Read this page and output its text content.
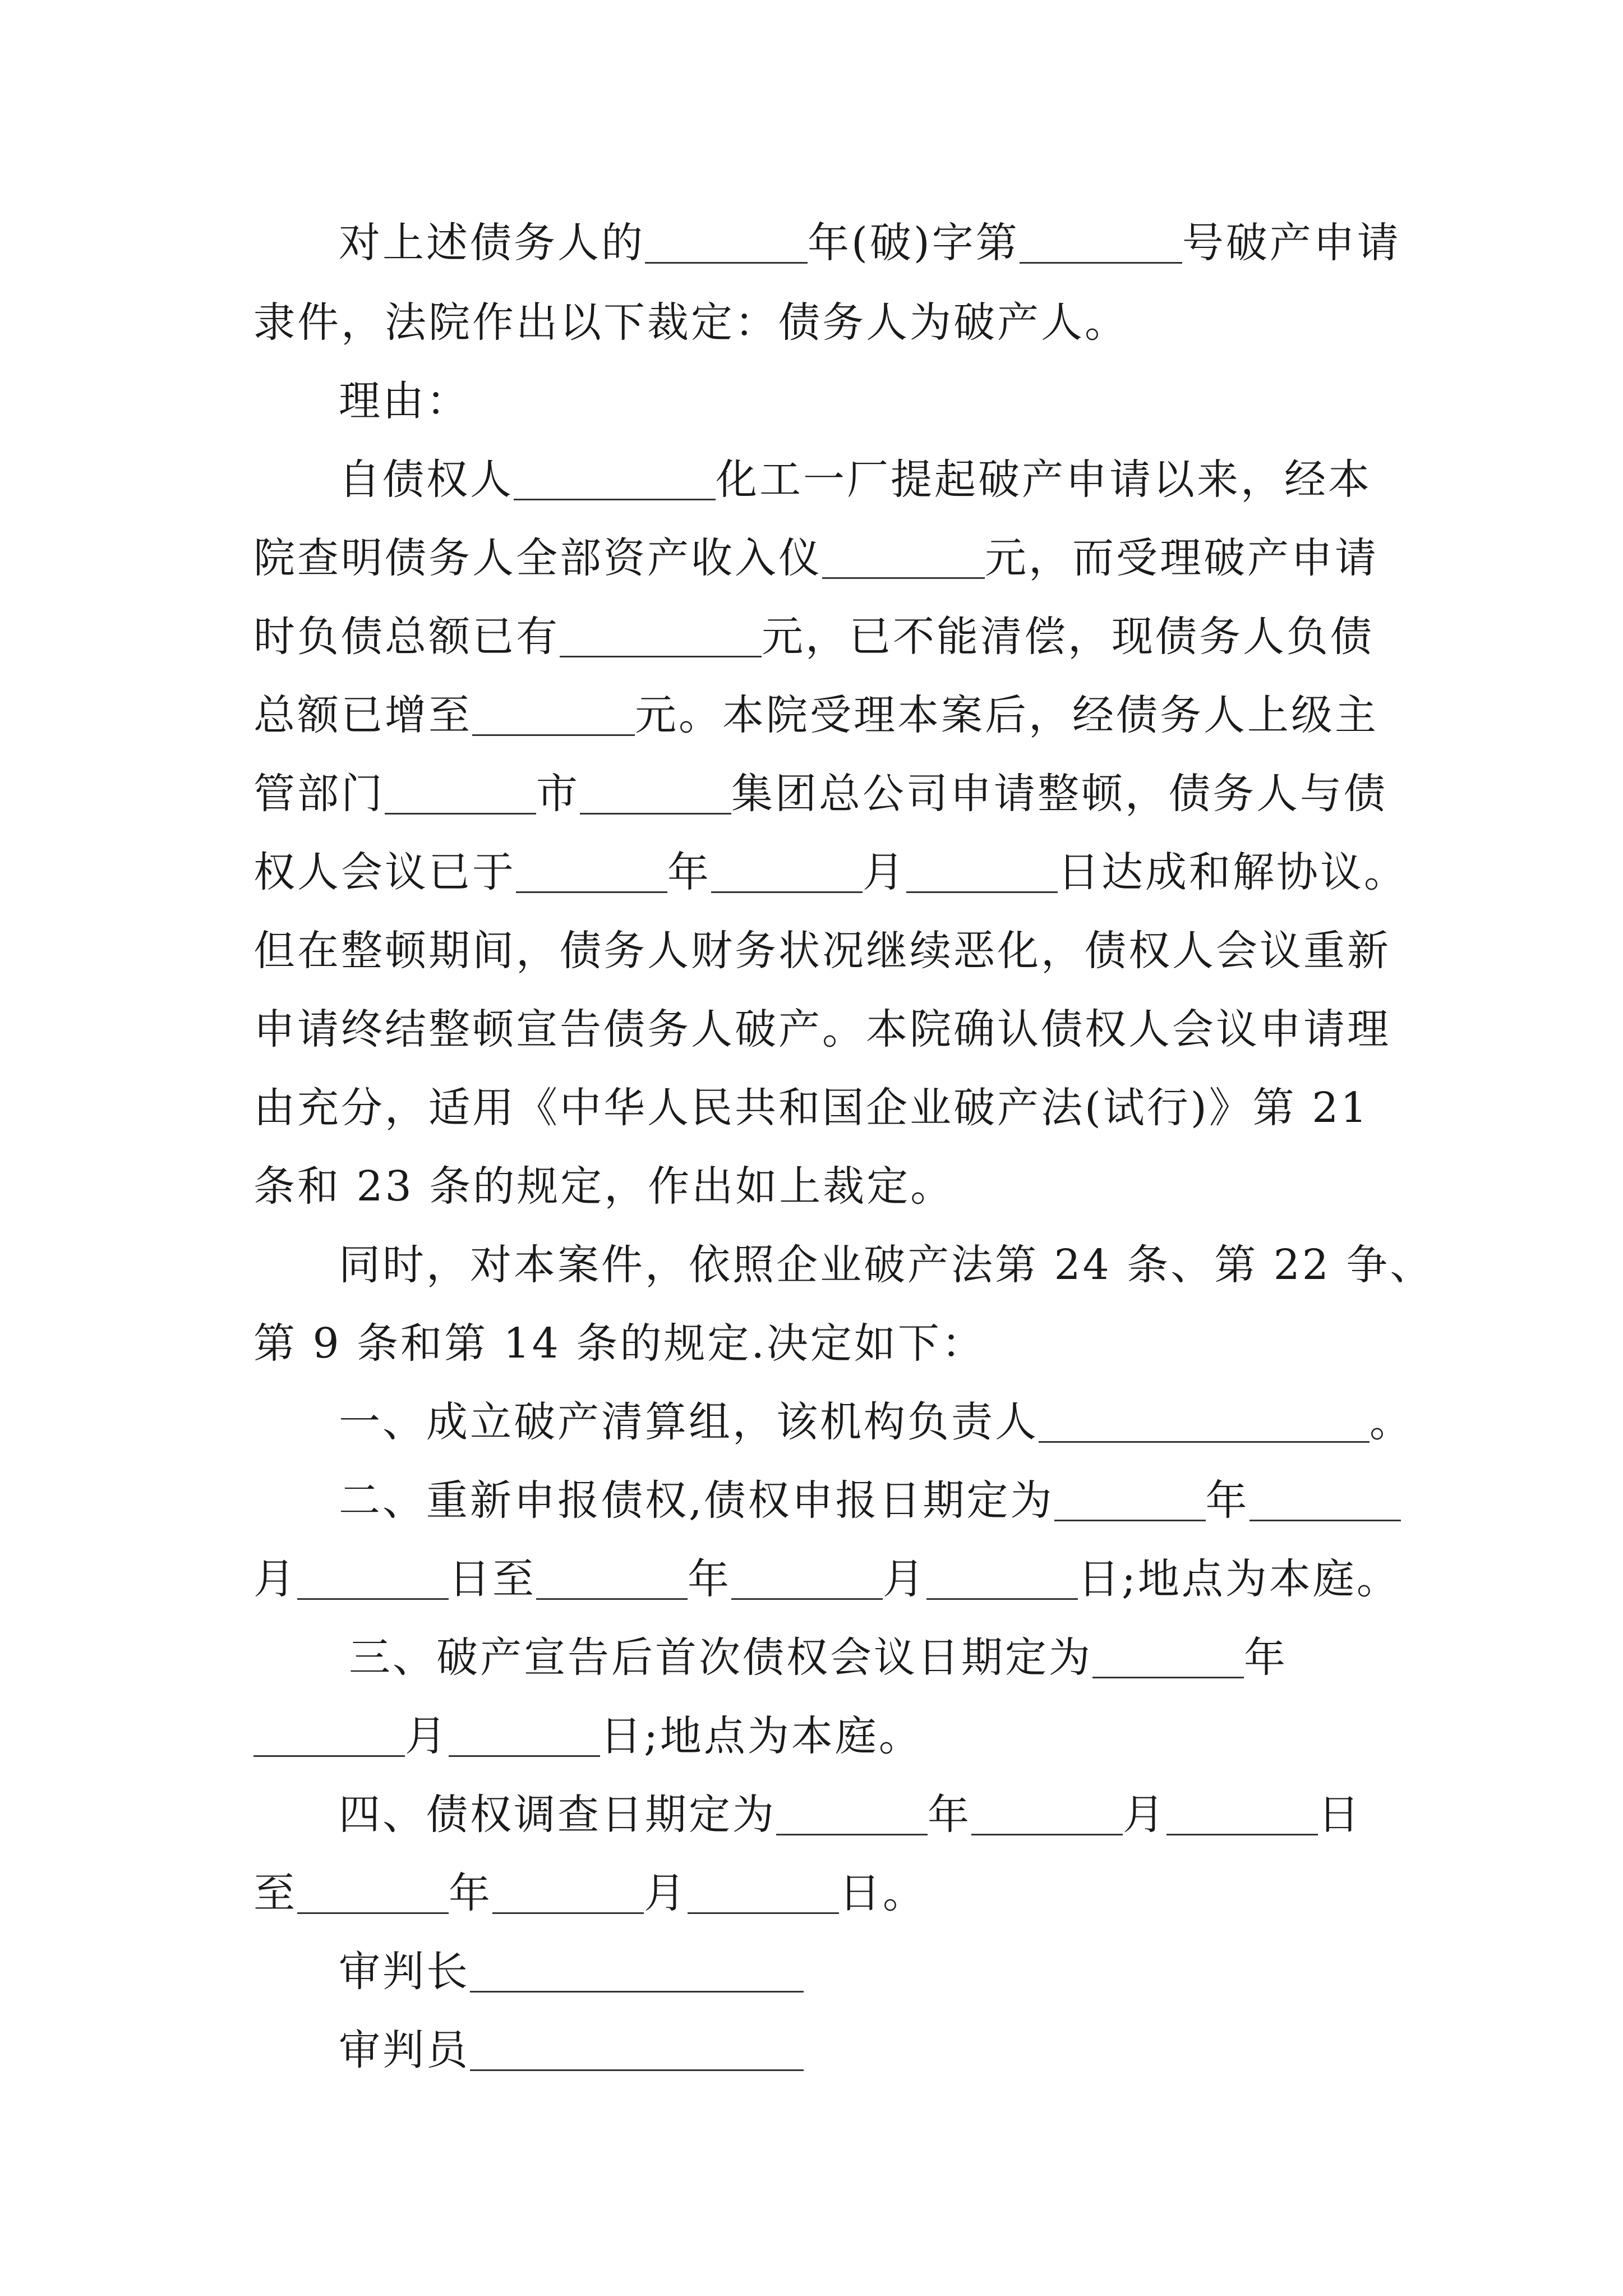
对上述债务人的	年(破)字第	号破产申请

隶件，法院作出以下裁定：债务人为破产人。

理由：

自债权人	化工一厂提起破产申请以来，经本

院查明债务人全部资产收入仪	元，而受理破产申请

时负债总额已有	元，已不能清偿，现债务人负债

总额已增至	元。本院受理本案后，经债务人上级主

管部门	市	集团总公司申请整顿，债务人与债

权人会议已于	年	月	日达成和解协议。

但在整顿期间，债务人财务状况继续恶化，债权人会议重新

申请终结整顿宣告债务人破产。本院确认债权人会议申请理

由充分，适用《中华人民共和国企业破产法(试行)》第 21

条和 23 条的规定，作出如上裁定。

同时，对本案件，依照企业破产法第 24 条、第 22 争、

第 9 条和第 14 条的规定.决定如下：

一、成立破产清算组，该机构负责人	。

二、重新申报债权,债权申报日期定为	年

月	日至	年	月	日;地点为本庭。

三、破产宣告后首次债权会议日期定为	年

月	日;地点为本庭。

四、债权调查日期定为	年	月	日

至	年	月	日。

审判长

审判员
